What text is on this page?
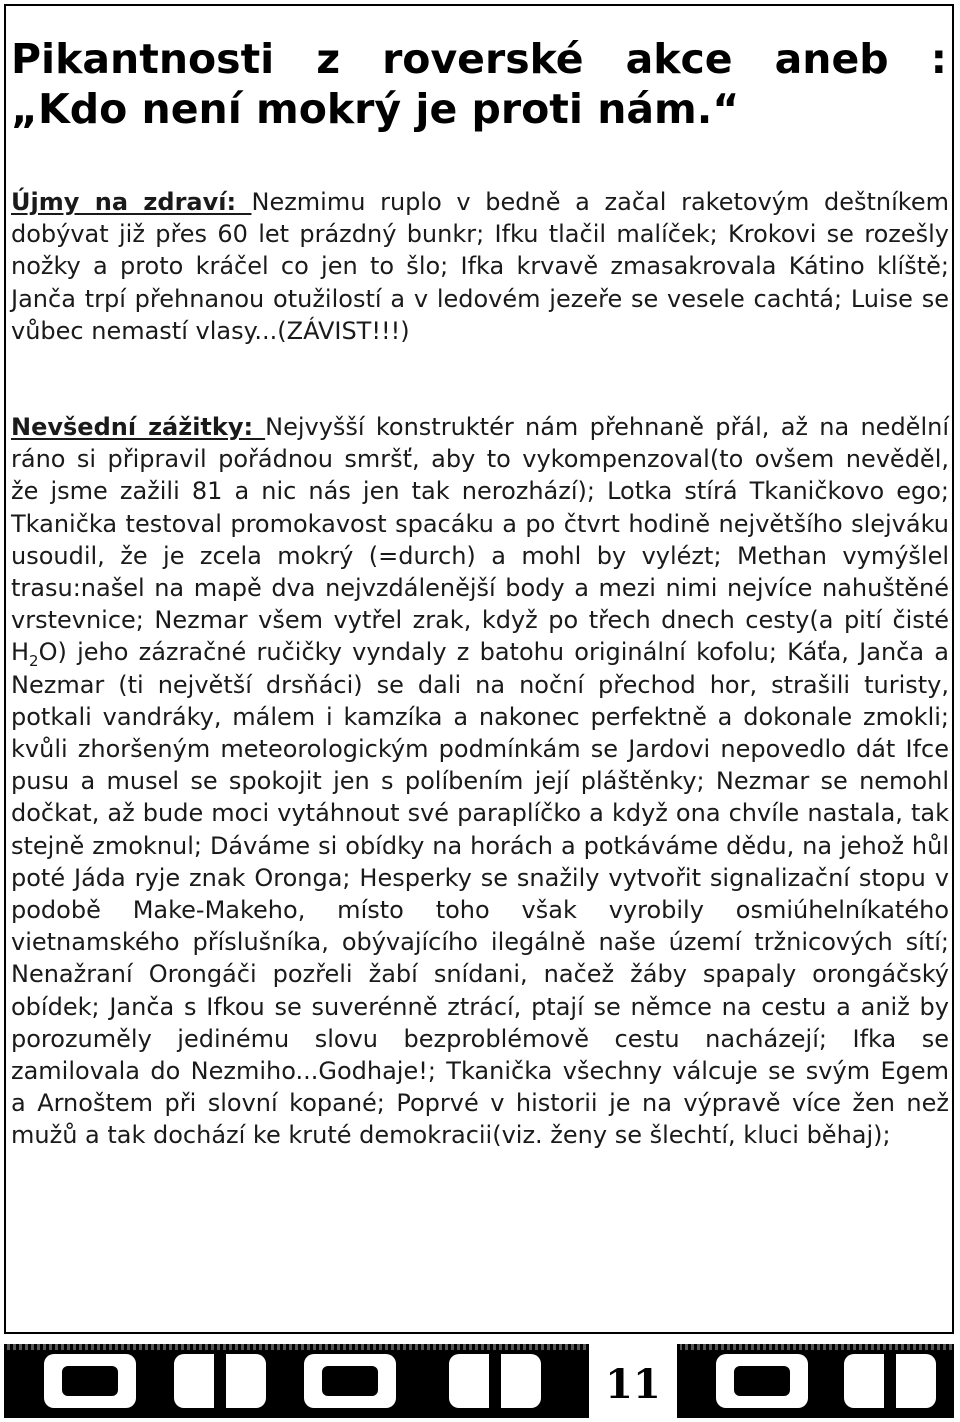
Pikantnosti z roverské akce aneb :
„Kdo není mokrý je proti nám.“

Újmy na zdraví: Nezmimu ruplo v bedně a začal raketovým deštníkem dobývat již přes 60 let prázdný bunkr; Ifku tlačil malíček; Krokovi se rozešly nožky a proto kráčel co jen to šlo; Ifka krvavě zmasakrovala Kátino klíště; Janča trpí přehnanou otužilostí a v ledovém jezeře se vesele cachtá; Luise se vůbec nemastí vlasy...(ZÁVIST!!!)

Nevšední zážitky: Nejvyšší konstruktér nám přehnaně přál, až na nedělní ráno si připravil pořádnou smršť, aby to vykompenzoval(to ovšem nevěděl, že jsme zažili 81 a nic nás jen tak nerozhází); Lotka stírá Tkaničkovo ego; Tkanička testoval promokavost spacáku a po čtvrt hodině největšího slejváku usoudil, že je zcela mokrý (=durch) a mohl by vylézt; Methan vymýšlel trasu:našel na mapě dva nejvzdálenější body a mezi nimi nejvíce nahuštěné vrstevnice; Nezmar všem vytřel zrak, když po třech dnech cesty(a pití čisté $H_2O$) jeho zázračné ručičky vyndaly z batohu originální kofolu; Káťa, Janča a Nezmar (ti největší drsňáci) se dali na noční přechod hor, strašili turisty, potkali vandráky, málem i kamzíka a nakonec perfektně a dokonale zmokli; kvůli zhoršeným meteorologickým podmínkám se Jardovi nepovedlo dát Ifce pusu a musel se spokojit jen s políbením její pláštěnky; Nezmar se nemohl dočkat, až bude moci vytáhnout své paraplíčko a když ona chvíle nastala, tak stejně zmoknul; Dáváme si obídky na horách a potkáváme dědu, na jehož hůl poté Jáda ryje znak Oronga; Hesperky se snažily vytvořit signalizační stopu v podobě Make-Makeho, místo toho však vyrobily osmiúhelníkatého vietnamského příslušníka, obývajícího ilegálně naše území tržnicových sítí; Nenažraní Orongáči pozřeli žabí snídani, načež žáby spapaly orongáčský obídek; Janča s Ifkou se suverénně ztrácí, ptají se němce na cestu a aniž by porozuměly jedinému slovu bezproblémově cestu nacházejí; Ifka se zamilovala do Nezmiho...Godhaje!; Tkanička všechny válcuje se svým Egem a Arnoštem při slovní kopané; Poprvé v historii je na výpravě více žen než mužů a tak dochází ke kruté demokracii(viz. ženy se šlechtí, kluci běhaj);

11
